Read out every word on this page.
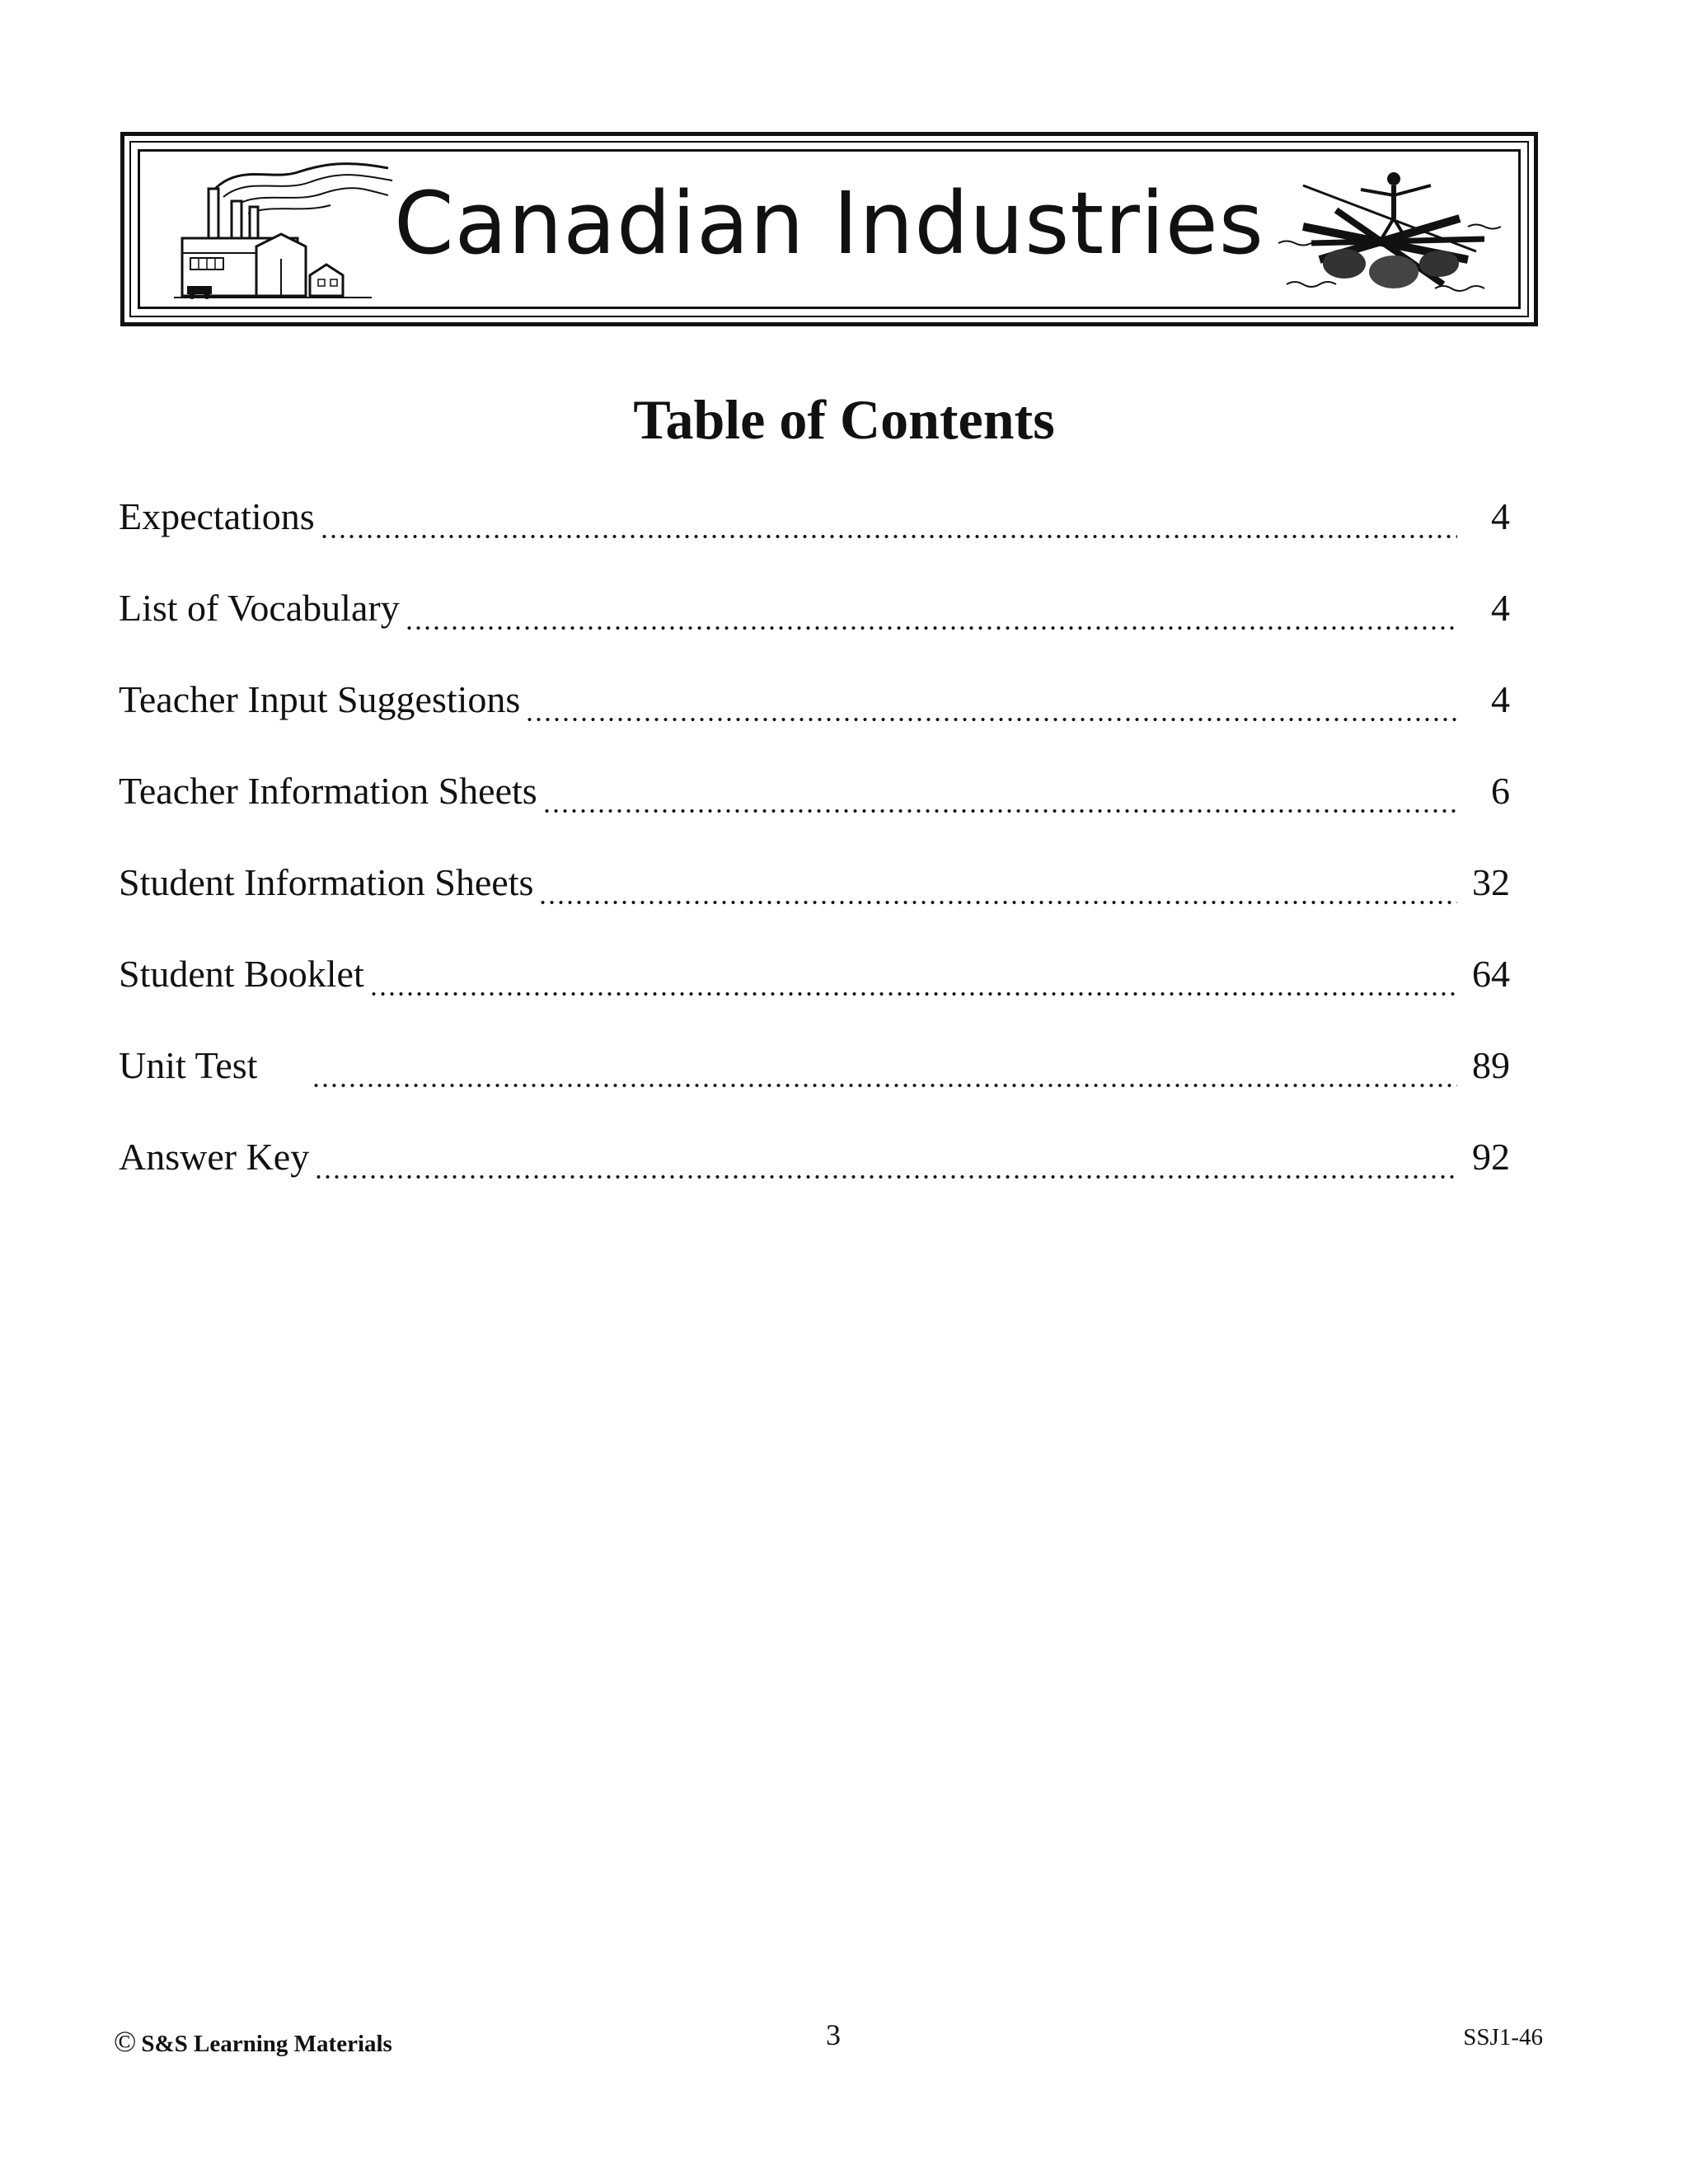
Canadian Industries
Table of Contents
Expectations	4
List of Vocabulary	4
Teacher Input Suggestions	4
Teacher Information Sheets	6
Student Information Sheets	32
Student Booklet	64
Unit Test	89
Answer Key	92
© S&S Learning Materials	3	SSJ1-46
